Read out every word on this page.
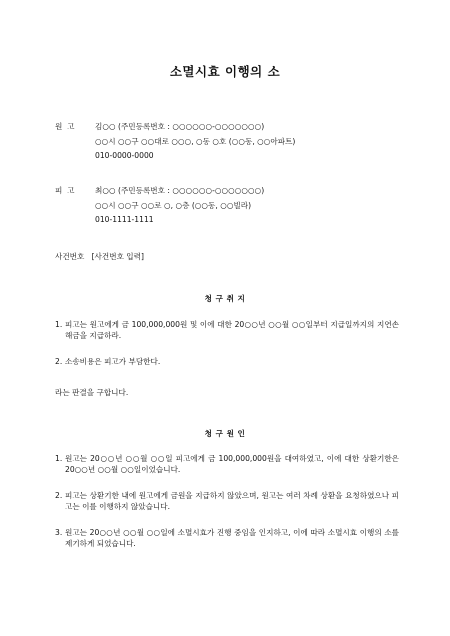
소멸시효 이행의 소
원  고	김○○ (주민등록번호 : ○○○○○○-○○○○○○○)
○○시 ○○구 ○○대로 ○○○, ○동 ○호 (○○동, ○○아파트)
010-0000-0000
피  고	최○○ (주민등록번호 : ○○○○○○-○○○○○○○)
○○시 ○○구 ○○로 ○, ○층 (○○동, ○○빌라)
010-1111-1111
사건번호 [사건번호 입력]
청 구 취 지
1. 피고는 원고에게 금 100,000,000원 및 이에 대한 20○○년 ○○월 ○○일부터 지급일까지의 지연손해금을 지급하라.
2. 소송비용은 피고가 부담한다.
라는 판결을 구합니다.
청 구 원 인
1. 원고는 20○○년 ○○월 ○○일 피고에게 금 100,000,000원을 대여하였고, 이에 대한 상환기한은 20○○년 ○○월 ○○일이었습니다.
2. 피고는 상환기한 내에 원고에게 금원을 지급하지 않았으며, 원고는 여러 차례 상환을 요청하였으나 피고는 이를 이행하지 않았습니다.
3. 원고는 20○○년 ○○월 ○○일에 소멸시효가 진행 중임을 인지하고, 이에 따라 소멸시효 이행의 소를 제기하게 되었습니다.
